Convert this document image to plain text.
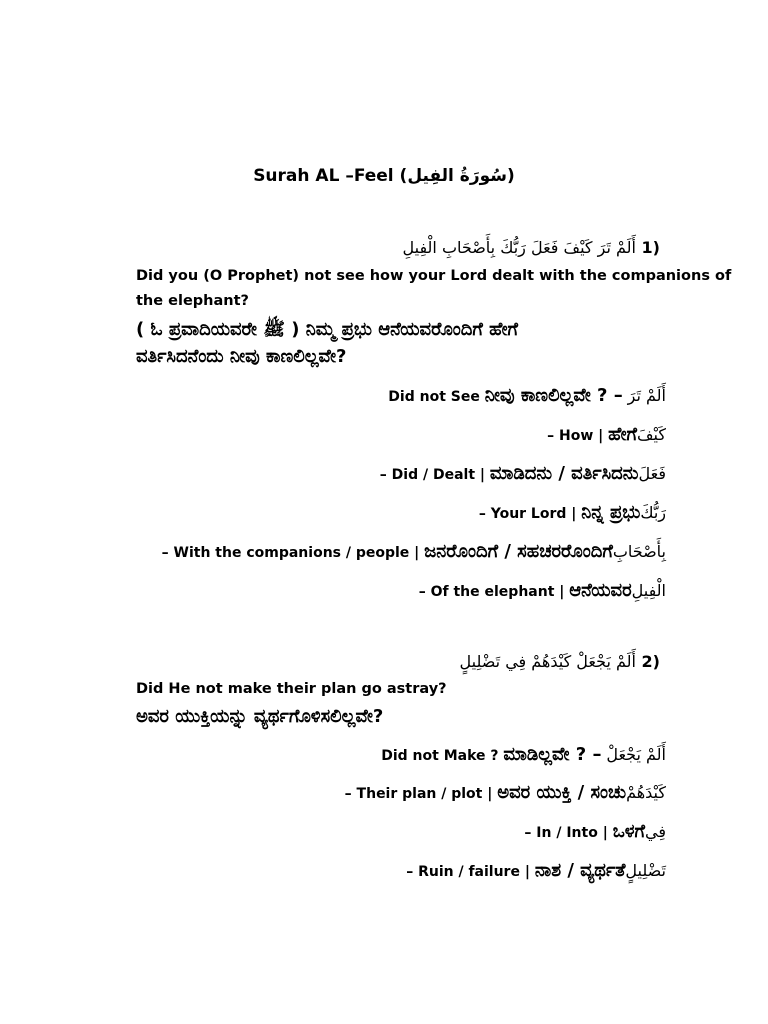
Surah AL –Feel (سُورَةُ الفِيل)
أَلَمْ تَرَ كَيْفَ فَعَلَ رَبُّكَ بِأَصْحَابِ الْفِيلِ 1)
Did you (O Prophet) not see how your Lord dealt with the companions of
the elephant?
( ಓ ಪ್ರವಾದಿಯವರೇ ﷺ ) ನಿಮ್ಮ ಪ್ರಭು ಆನೆಯವರೊಂದಿಗೆ ಹೇಗೆ
ವರ್ತಿಸಿದನೆಂದು ನೀವು ಕಾಣಲಿಲ್ಲವೇ?
Did not See ನೀವು ಕಾಣಲಿಲ್ಲವೇ ? – أَلَمْ تَرَ
– How | ಹೇಗೆكَيْفَ
– Did / Dealt | ಮಾಡಿದನು / ವರ್ತಿಸಿದನುفَعَلَ
– Your Lord | ನಿನ್ನ ಪ್ರಭುرَبُّكَ
– With the companions / people | ಜನರೊಂದಿಗೆ / ಸಹಚರರೊಂದಿಗೆبِأَصْحَابِ
– Of the elephant | ಆನೆಯವರالْفِيلِ
أَلَمْ يَجْعَلْ كَيْدَهُمْ فِي تَضْلِيلٍ 2)
Did He not make their plan go astray?
ಅವರ ಯುಕ್ತಿಯನ್ನು ವ್ಯರ್ಥಗೊಳಿಸಲಿಲ್ಲವೇ?
Did not Make ? ಮಾಡಿಲ್ಲವೇ ? – أَلَمْ يَجْعَلْ
– Their plan / plot | ಅವರ ಯುಕ್ತಿ / ಸಂಚುكَيْدَهُمْ
– In / Into | ಒಳಗೆفِي
– Ruin / failure | ನಾಶ / ವ್ಯರ್ಥತೆتَضْلِيلٍ
